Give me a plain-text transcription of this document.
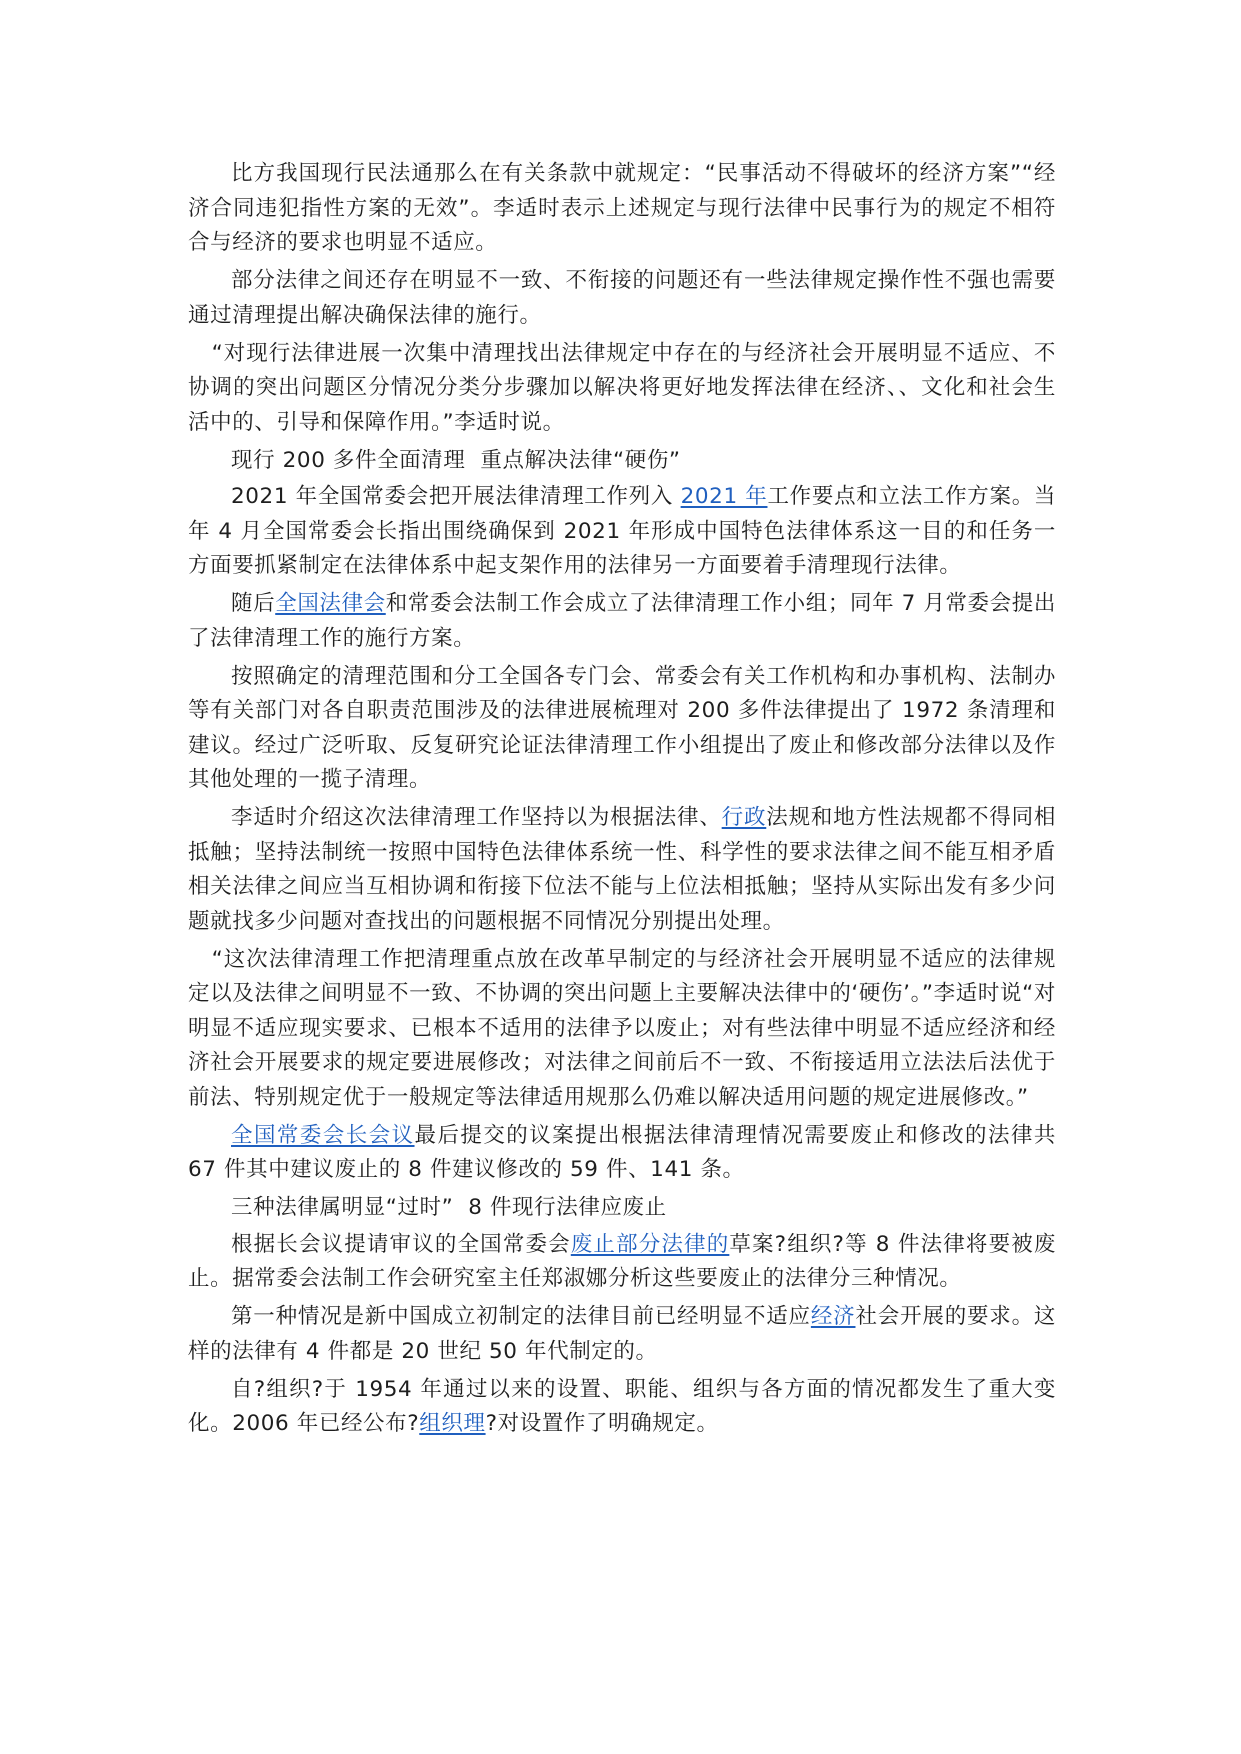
比方我国现行民法通那么在有关条款中就规定：“民事活动不得破坏的经济方案”“经济合同违犯指性方案的无效”。李适时表示上述规定与现行法律中民事行为的规定不相符合与经济的要求也明显不适应。

部分法律之间还存在明显不一致、不衔接的问题还有一些法律规定操作性不强也需要通过清理提出解决确保法律的施行。

“对现行法律进展一次集中清理找出法律规定中存在的与经济社会开展明显不适应、不协调的突出问题区分情况分类分步骤加以解决将更好地发挥法律在经济、、文化和社会生活中的、引导和保障作用。”李适时说。

现行 200 多件全面清理  重点解决法律“硬伤”

2021 年全国常委会把开展法律清理工作列入 2021 年工作要点和立法工作方案。当年 4 月全国常委会长指出围绕确保到 2021 年形成中国特色法律体系这一目的和任务一方面要抓紧制定在法律体系中起支架作用的法律另一方面要着手清理现行法律。

随后全国法律会和常委会法制工作会成立了法律清理工作小组；同年 7 月常委会提出了法律清理工作的施行方案。

按照确定的清理范围和分工全国各专门会、常委会有关工作机构和办事机构、法制办等有关部门对各自职责范围涉及的法律进展梳理对 200 多件法律提出了 1972 条清理和建议。经过广泛听取、反复研究论证法律清理工作小组提出了废止和修改部分法律以及作其他处理的一揽子清理。

李适时介绍这次法律清理工作坚持以为根据法律、行政法规和地方性法规都不得同相抵触；坚持法制统一按照中国特色法律体系统一性、科学性的要求法律之间不能互相矛盾相关法律之间应当互相协调和衔接下位法不能与上位法相抵触；坚持从实际出发有多少问题就找多少问题对查找出的问题根据不同情况分别提出处理。

“这次法律清理工作把清理重点放在改革早制定的与经济社会开展明显不适应的法律规定以及法律之间明显不一致、不协调的突出问题上主要解决法律中的‘硬伤’。”李适时说“对明显不适应现实要求、已根本不适用的法律予以废止；对有些法律中明显不适应经济和经济社会开展要求的规定要进展修改；对法律之间前后不一致、不衔接适用立法法后法优于前法、特别规定优于一般规定等法律适用规那么仍难以解决适用问题的规定进展修改。”

全国常委会长会议最后提交的议案提出根据法律清理情况需要废止和修改的法律共 67 件其中建议废止的 8 件建议修改的 59 件、141 条。

三种法律属明显“过时”  8 件现行法律应废止

根据长会议提请审议的全国常委会废止部分法律的草案?组织?等 8 件法律将要被废止。据常委会法制工作会研究室主任郑淑娜分析这些要废止的法律分三种情况。

第一种情况是新中国成立初制定的法律目前已经明显不适应经济社会开展的要求。这样的法律有 4 件都是 20 世纪 50 年代制定的。

自?组织?于 1954 年通过以来的设置、职能、组织与各方面的情况都发生了重大变化。2006 年已经公布?组织理?对设置作了明确规定。
